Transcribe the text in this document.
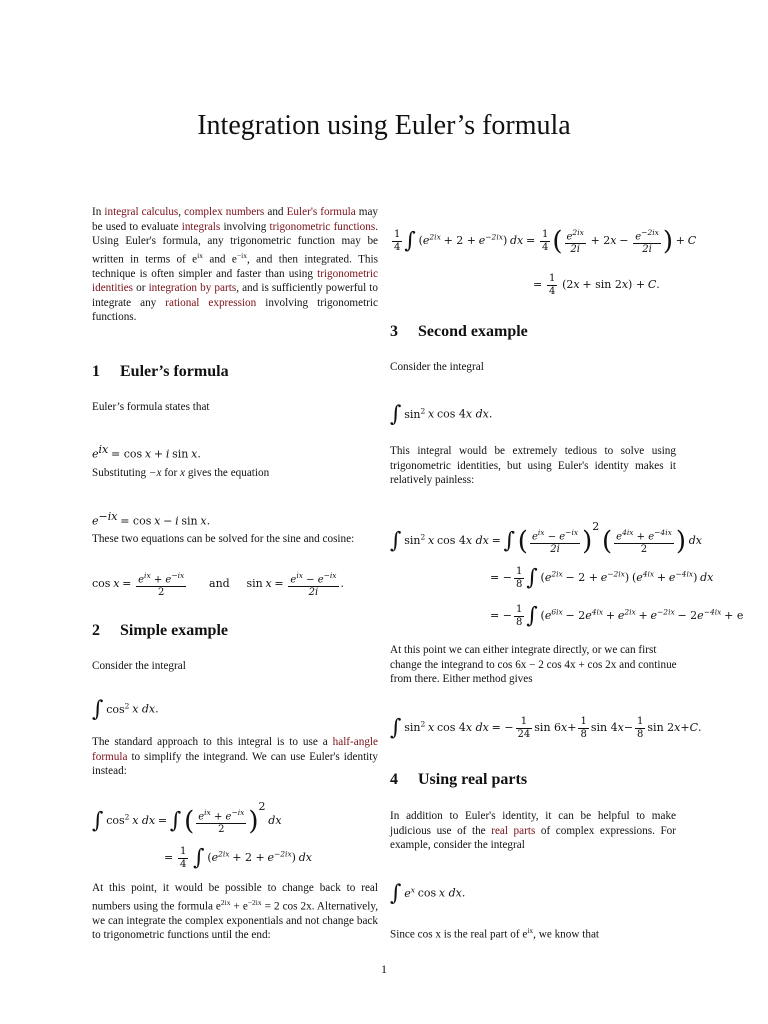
Integration using Euler’s formula
In integral calculus, complex numbers and Euler's formula may be used to evaluate integrals involving trigonometric functions. Using Euler's formula, any trigonometric function may be written in terms of $e^{ix}$ and $e^{-ix}$, and then integrated. This technique is often simpler and faster than using trigonometric identities or integration by parts, and is sufficiently powerful to integrate any rational expression involving trigonometric functions.
1 Euler’s formula
Euler’s formula states that
$e^{ix} = \cos x + i$ sin x.
Substituting −x for x gives the equation
$e^{-ix} = \cos x - i$ sin x.
These two equations can be solved for the sine and cosine:
$\cos x = \frac{e^{ix} + e^{-ix}}{2}$ and $\sin x = \frac{e^{ix} - e^{-ix}}{2i}$ .
2 Simple example
Consider the integral
∫ $\cos^2 x$ dx.
The standard approach to this integral is to use a half-angle formula to simplify the integrand. We can use Euler's identity instead:
∫ $\cos^2 x$ dx = ∫ ( $\frac{e^{ix} + e^{-ix}}{2} )^2$ dx
= $\frac{1}{4}$ ∫ $(e^{2ix} + 2 + e^{-2ix})$ dx
At this point, it would be possible to change back to real numbers using the formula $e^{2ix} + e^{-2ix} = 2$ cos 2x. Alternatively, we can integrate the complex exponentials and not change back to trigonometric functions until the end:
$\frac{1}{4}$ ∫ $(e^{2ix} + 2 + e^{-2ix})$ dx = $\frac{1}{4}$ ( $\frac{e^{2ix}}{2i} + 2x - \frac{e^{-2ix}}{2i}$ ) + C
= $\frac{1}{4} (2x + \sin 2x) + C$.
3 Second example
Consider the integral
∫ $\sin^2 x$ cos 4x dx.
This integral would be extremely tedious to solve using trigonometric identities, but using Euler's identity makes it relatively painless:
∫ $\sin^2 x$ cos 4x dx = ∫ ( $\frac{e^{ix} - e^{-ix}}{2i} )^2$ ( $\frac{e^{4ix} + e^{-4ix}}{2}$ ) dx
= − $\frac{1}{8}$ ∫ $(e^{2ix} - 2 + e^{-2ix}) (e^{4ix} + e^{-4ix})$ dx
= − $\frac{1}{8}$ ∫ ($e^{6ix} - 2e^{4ix} + e^{2ix} + e^{-2ix} - 2e^{-4ix} + e$
At this point we can either integrate directly, or we can first change the integrand to cos 6x − 2 cos 4x + cos 2x and continue from there. Either method gives
∫ $\sin^2 x$ cos 4x dx = − $\frac{1}{24}$ $\sin 6x+ \frac{1}{8}$ $\sin 4x- \frac{1}{8}$ sin 2x+C.
4 Using real parts
In addition to Euler's identity, it can be helpful to make judicious use of the real parts of complex expressions. For example, consider the integral
∫ $e^x$ cos x dx.
Since cos x is the real part of $e^{ix}$, we know that
1
